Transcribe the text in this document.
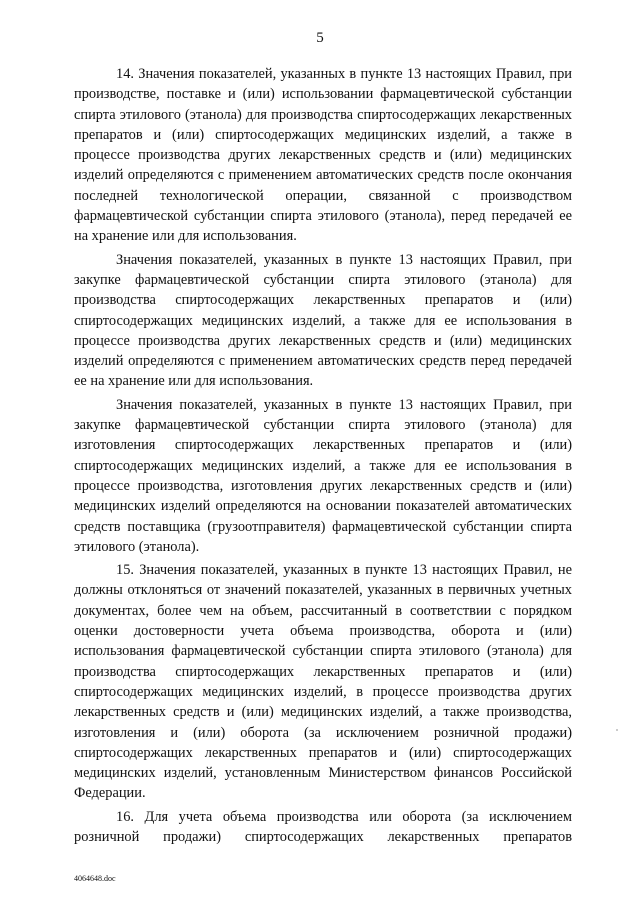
5

14. Значения показателей, указанных в пункте 13 настоящих Правил, при производстве, поставке и (или) использовании фармацевтической субстанции спирта этилового (этанола) для производства спиртосодержащих лекарственных препаратов и (или) спиртосодержащих медицинских изделий, а также в процессе производства других лекарственных средств и (или) медицинских изделий определяются с применением автоматических средств после окончания последней технологической операции, связанной с производством фармацевтической субстанции спирта этилового (этанола), перед передачей ее на хранение или для использования.

Значения показателей, указанных в пункте 13 настоящих Правил, при закупке фармацевтической субстанции спирта этилового (этанола) для производства спиртосодержащих лекарственных препаратов и (или) спиртосодержащих медицинских изделий, а также для ее использования в процессе производства других лекарственных средств и (или) медицинских изделий определяются с применением автоматических средств перед передачей ее на хранение или для использования.

Значения показателей, указанных в пункте 13 настоящих Правил, при закупке фармацевтической субстанции спирта этилового (этанола) для изготовления спиртосодержащих лекарственных препаратов и (или) спиртосодержащих медицинских изделий, а также для ее использования в процессе производства, изготовления других лекарственных средств и (или) медицинских изделий определяются на основании показателей автоматических средств поставщика (грузоотправителя) фармацевтической субстанции спирта этилового (этанола).

15. Значения показателей, указанных в пункте 13 настоящих Правил, не должны отклоняться от значений показателей, указанных в первичных учетных документах, более чем на объем, рассчитанный в соответствии с порядком оценки достоверности учета объема производства, оборота и (или) использования фармацевтической субстанции спирта этилового (этанола) для производства спиртосодержащих лекарственных препаратов и (или) спиртосодержащих медицинских изделий, в процессе производства других лекарственных средств и (или) медицинских изделий, а также производства, изготовления и (или) оборота (за исключением розничной продажи) спиртосодержащих лекарственных препаратов и (или) спиртосодержащих медицинских изделий, установленным Министерством финансов Российской Федерации.

16. Для учета объема производства или оборота (за исключением розничной продажи) спиртосодержащих лекарственных препаратов

4064648.doc
